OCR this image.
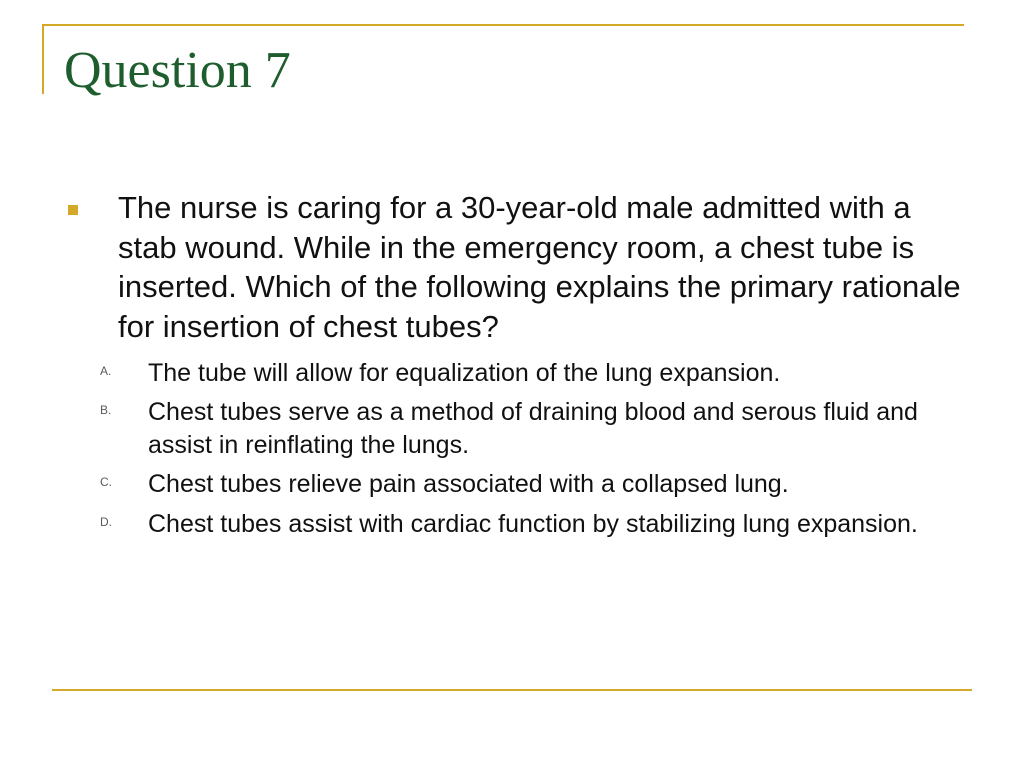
Question 7
The nurse is caring for a 30-year-old male admitted with a stab wound. While in the emergency room, a chest tube is inserted. Which of the following explains the primary rationale for insertion of chest tubes?
A. The tube will allow for equalization of the lung expansion.
B. Chest tubes serve as a method of draining blood and serous fluid and assist in reinflating the lungs.
C. Chest tubes relieve pain associated with a collapsed lung.
D. Chest tubes assist with cardiac function by stabilizing lung expansion.
